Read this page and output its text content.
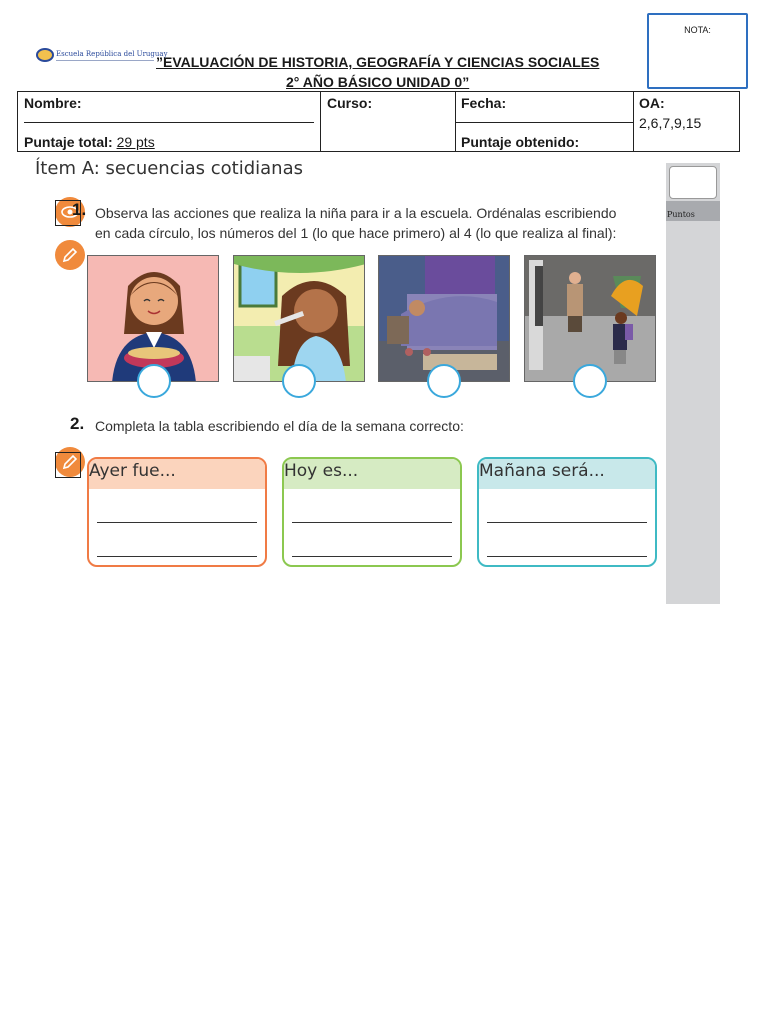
Escuela República del Uruguay
”EVALUACIÓN DE HISTORIA, GEOGRAFÍA Y CIENCIAS SOCIALES
2° AÑO BÁSICO UNIDAD 0”
NOTA:
Nombre:	Curso:	Fecha:	OA:
2,6,7,9,15
Puntaje total: 29 pts	Puntaje obtenido:
Ítem A: secuencias cotidianas
Puntos
1. Observa las acciones que realiza la niña para ir a la escuela. Ordénalas escribiendo
en cada círculo, los números del 1 (lo que hace primero) al 4 (lo que realiza al final):
2. Completa la tabla escribiendo el día de la semana correcto:
Ayer fue...	Hoy es...	Mañana será...
